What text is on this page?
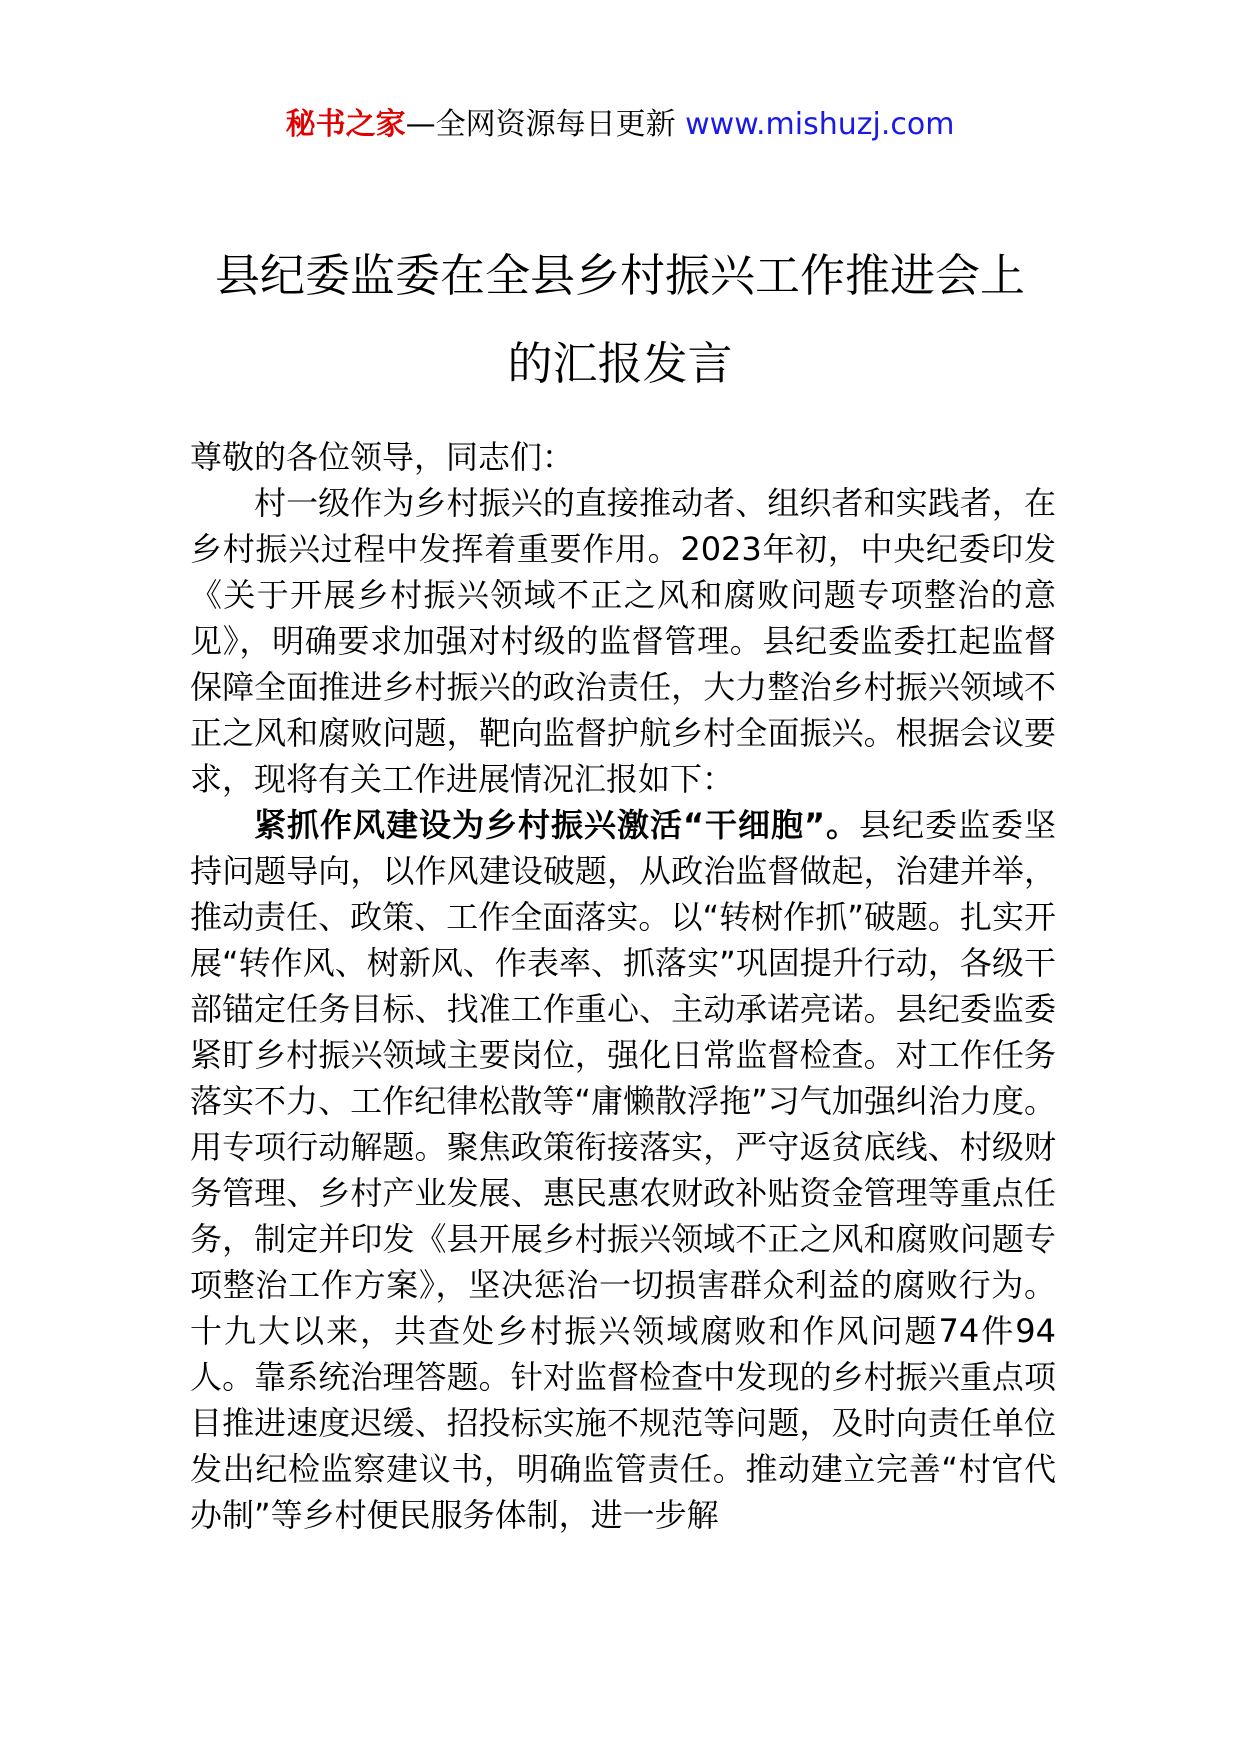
秘书之家—全网资源每日更新 www.mishuzj.com
县纪委监委在全县乡村振兴工作推进会上
的汇报发言

尊敬的各位领导，同志们：

村一级作为乡村振兴的直接推动者、组织者和实践者，在乡村振兴过程中发挥着重要作用。2023年初，中央纪委印发《关于开展乡村振兴领域不正之风和腐败问题专项整治的意见》，明确要求加强对村级的监督管理。县纪委监委扛起监督保障全面推进乡村振兴的政治责任，大力整治乡村振兴领域不正之风和腐败问题，靶向监督护航乡村全面振兴。根据会议要求，现将有关工作进展情况汇报如下：

紧抓作风建设为乡村振兴激活“干细胞”。县纪委监委坚持问题导向，以作风建设破题，从政治监督做起，治建并举，推动责任、政策、工作全面落实。以“转树作抓”破题。扎实开展“转作风、树新风、作表率、抓落实”巩固提升行动，各级干部锚定任务目标、找准工作重心、主动承诺亮诺。县纪委监委紧盯乡村振兴领域主要岗位，强化日常监督检查。对工作任务落实不力、工作纪律松散等“庸懒散浮拖”习气加强纠治力度。用专项行动解题。聚焦政策衔接落实，严守返贫底线、村级财务管理、乡村产业发展、惠民惠农财政补贴资金管理等重点任务，制定并印发《县开展乡村振兴领域不正之风和腐败问题专项整治工作方案》，坚决惩治一切损害群众利益的腐败行为。十九大以来，共查处乡村振兴领域腐败和作风问题74件94人。靠系统治理答题。针对监督检查中发现的乡村振兴重点项目推进速度迟缓、招投标实施不规范等问题，及时向责任单位发出纪检监察建议书，明确监管责任。推动建立完善“村官代办制”等乡村便民服务体制，进一步解
